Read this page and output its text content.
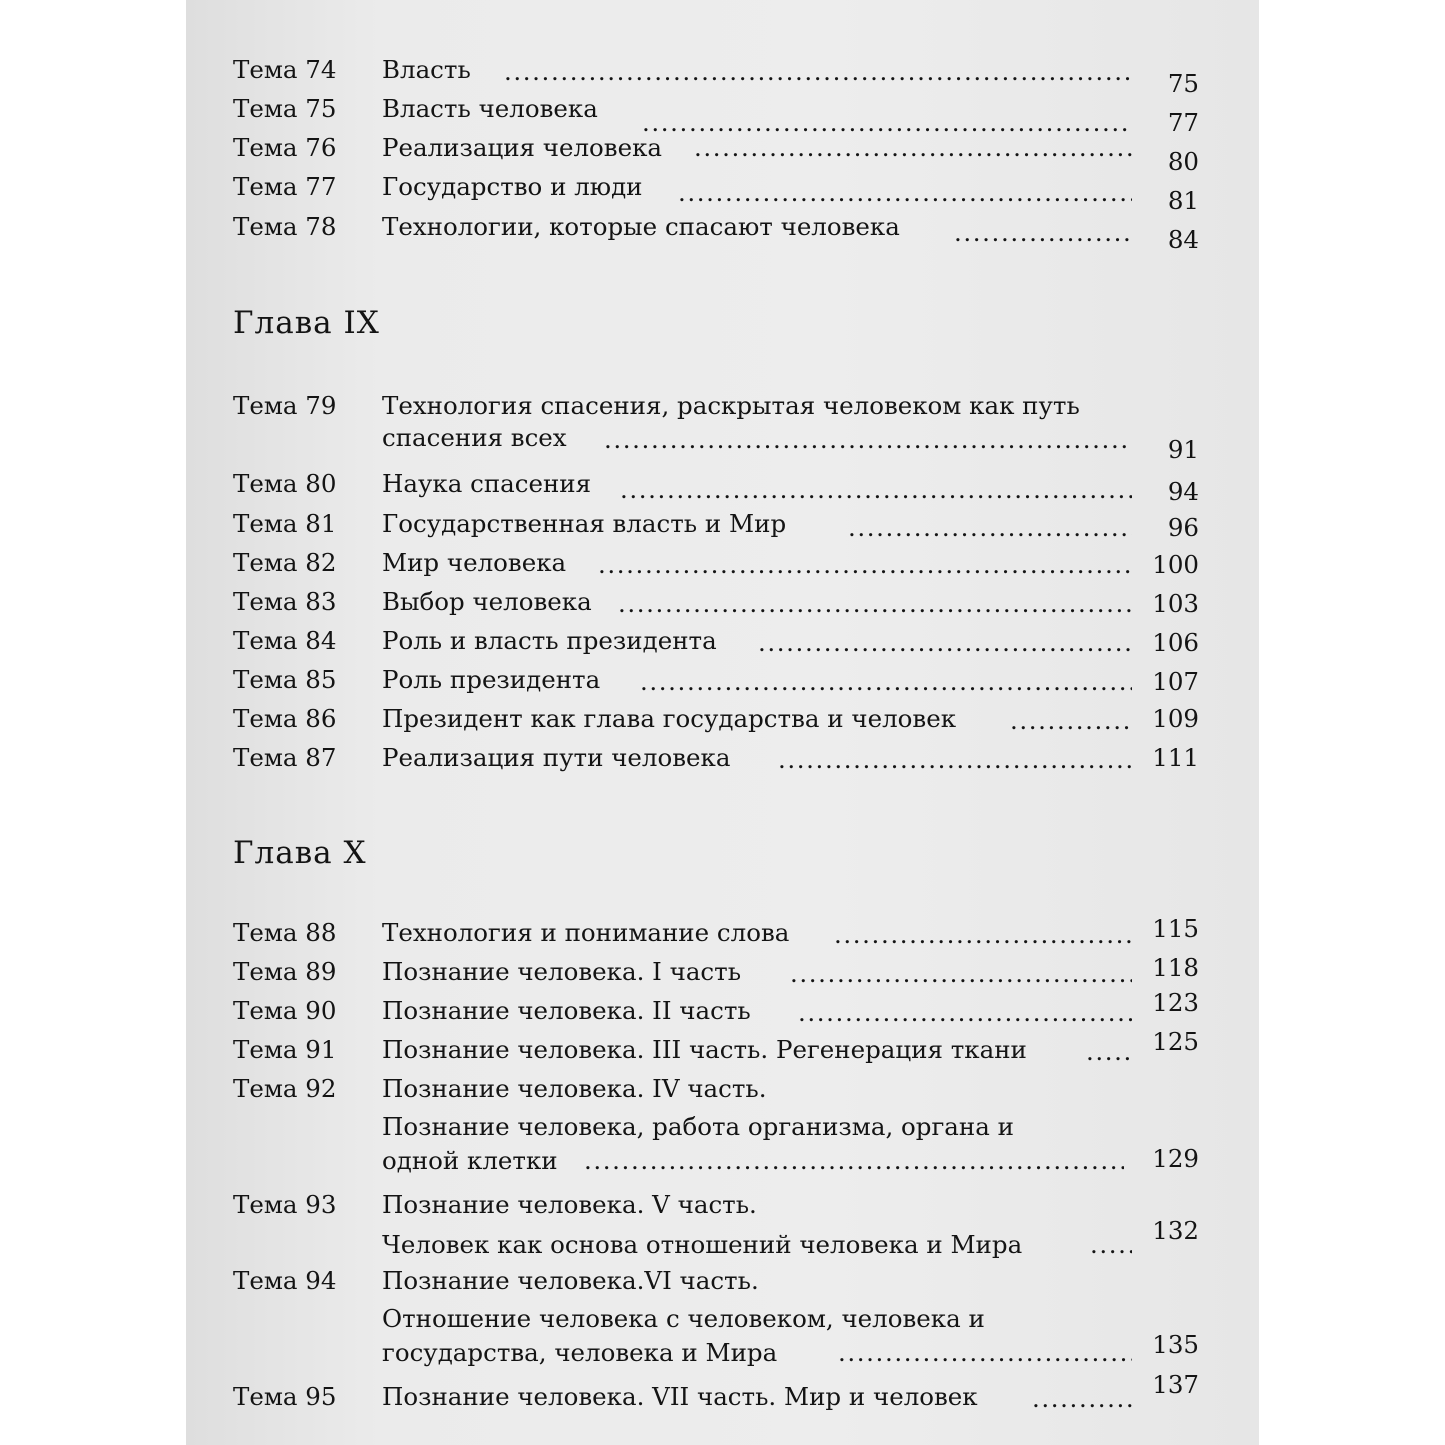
Глава IX
Глава X
Тема 74 Власть .....	75
Тема 75 Власть человека .....	77
Тема 76 Реализация человека .....	80
Тема 77 Государство и люди .....	81
Тема 78 Технологии, которые спасают человека .....	84
Тема 79 Технология спасения, раскрытая человеком как путь
спасения всех .....	91
Тема 80 Наука спасения .....	94
Тема 81 Государственная власть и Мир .....	96
Тема 82 Мир человека .....	100
Тема 83 Выбор человека .....	103
Тема 84 Роль и власть президента .....	106
Тема 85 Роль президента .....	107
Тема 86 Президент как глава государства и человек .....	109
Тема 87 Реализация пути человека .....	111
Тема 88 Технология и понимание слова .....	115
Тема 89 Познание человека. I часть .....	118
Тема 90 Познание человека. II часть .....	123
Тема 91 Познание человека. III часть. Регенерация ткани .....	125
Тема 92 Познание человека. IV часть.
Познание человека, работа организма, органа и
одной клетки .....	129
Тема 93 Познание человека. V часть.
Человек как основа отношений человека и Мира .....	132
Тема 94 Познание человека.VI часть.
Отношение человека с человеком, человека и
государства, человека и Мира .....	135
Тема 95 Познание человека. VII часть. Мир и человек .....	137
